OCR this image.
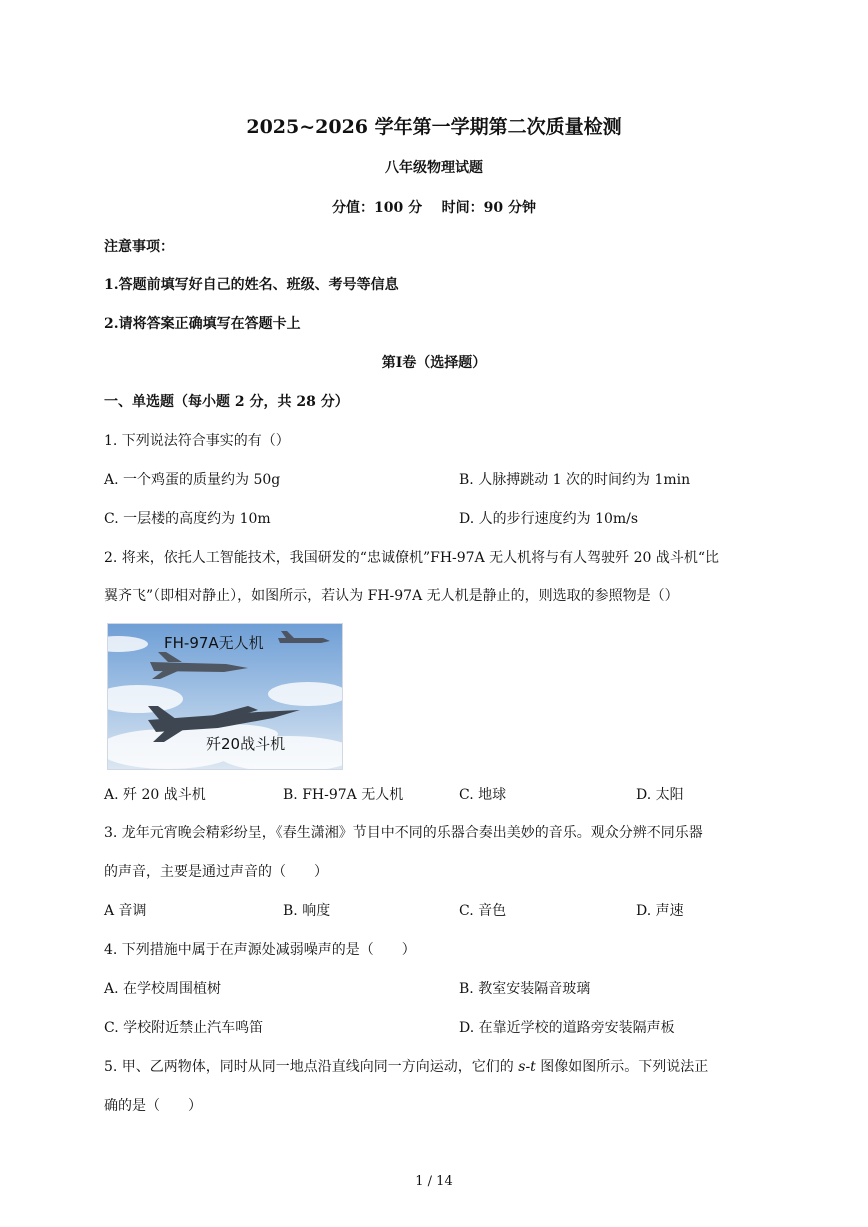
2025~2026 学年第一学期第二次质量检测
八年级物理试题
分值：100 分    时间：90 分钟
注意事项：
1.答题前填写好自己的姓名、班级、考号等信息
2.请将答案正确填写在答题卡上
第Ⅰ卷（选择题）
一、单选题（每小题 2 分，共 28 分）
1. 下列说法符合事实的有（）
A. 一个鸡蛋的质量约为 50g	B. 人脉搏跳动 1 次的时间约为 1min
C. 一层楼的高度约为 10m	D. 人的步行速度约为 10m/s
2. 将来，依托人工智能技术，我国研发的“忠诚僚机”FH-97A 无人机将与有人驾驶歼 20 战斗机“比
翼齐飞”（即相对静止），如图所示，若认为 FH-97A 无人机是静止的，则选取的参照物是（）
FH-97A无人机
歼20战斗机
A. 歼 20 战斗机	B. FH-97A 无人机	C. 地球	D. 太阳
3. 龙年元宵晚会精彩纷呈，《春生潇湘》节目中不同的乐器合奏出美妙的音乐。观众分辨不同乐器
的声音，主要是通过声音的（　　）
A 音调	B. 响度	C. 音色	D. 声速
4. 下列措施中属于在声源处减弱噪声的是（　　）
A. 在学校周围植树	B. 教室安装隔音玻璃
C. 学校附近禁止汽车鸣笛	D. 在靠近学校的道路旁安装隔声板
5. 甲、乙两物体，同时从同一地点沿直线向同一方向运动，它们的 s-t 图像如图所示。下列说法正
确的是（　　）
1 / 14
